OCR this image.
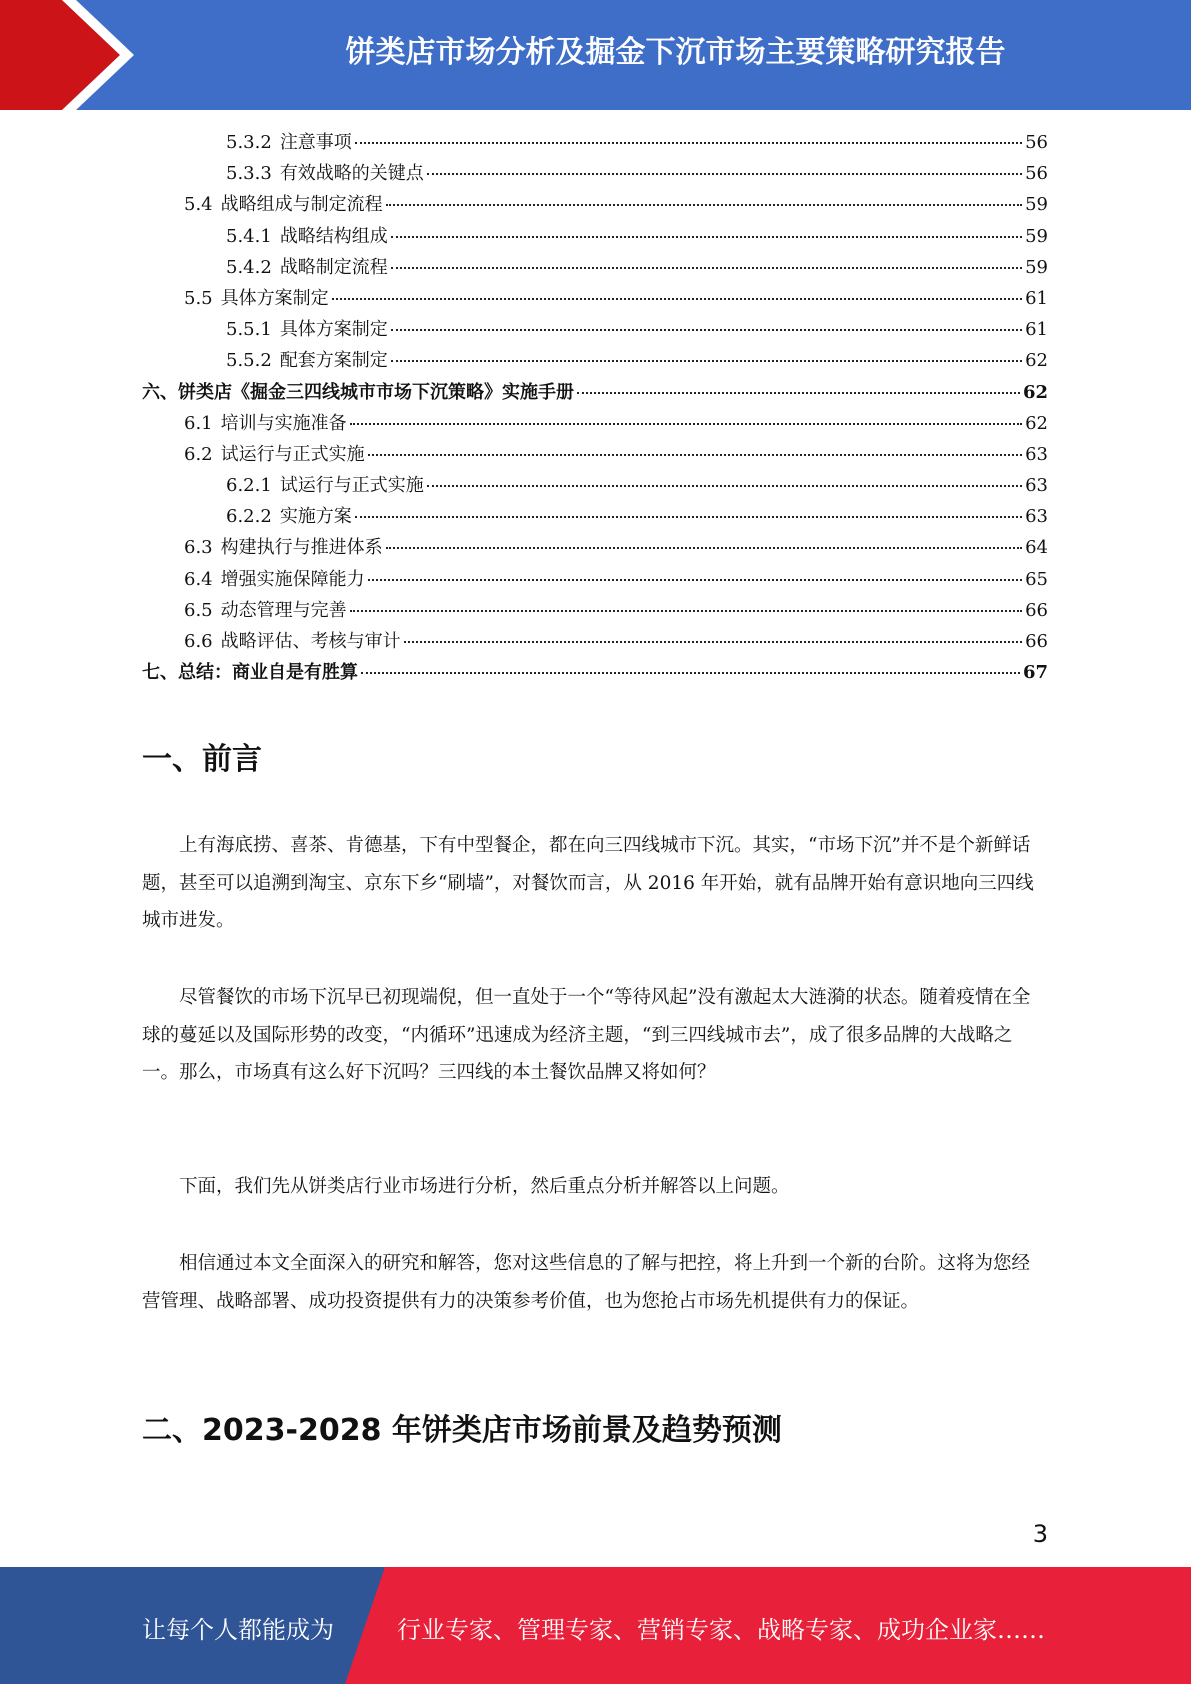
饼类店市场分析及掘金下沉市场主要策略研究报告
5.3.2 注意事项	56
5.3.3 有效战略的关键点	56
5.4 战略组成与制定流程	59
5.4.1 战略结构组成	59
5.4.2 战略制定流程	59
5.5 具体方案制定	61
5.5.1 具体方案制定	61
5.5.2 配套方案制定	62
六、饼类店《掘金三四线城市市场下沉策略》实施手册	62
6.1 培训与实施准备	62
6.2 试运行与正式实施	63
6.2.1 试运行与正式实施	63
6.2.2 实施方案	63
6.3 构建执行与推进体系	64
6.4 增强实施保障能力	65
6.5 动态管理与完善	66
6.6 战略评估、考核与审计	66
七、总结：商业自是有胜算	67
一、前言

上有海底捞、喜茶、肯德基，下有中型餐企，都在向三四线城市下沉。其实，“市场下沉”并不是个新鲜话题，甚至可以追溯到淘宝、京东下乡“刷墙”，对餐饮而言，从 2016 年开始，就有品牌开始有意识地向三四线城市进发。

尽管餐饮的市场下沉早已初现端倪，但一直处于一个“等待风起”没有激起太大涟漪的状态。随着疫情在全球的蔓延以及国际形势的改变，“内循环”迅速成为经济主题，“到三四线城市去”，成了很多品牌的大战略之一。那么，市场真有这么好下沉吗？三四线的本土餐饮品牌又将如何？

下面，我们先从饼类店行业市场进行分析，然后重点分析并解答以上问题。

相信通过本文全面深入的研究和解答，您对这些信息的了解与把控，将上升到一个新的台阶。这将为您经营管理、战略部署、成功投资提供有力的决策参考价值，也为您抢占市场先机提供有力的保证。

二、2023-2028 年饼类店市场前景及趋势预测
3
让每个人都能成为	行业专家、管理专家、营销专家、战略专家、成功企业家……
